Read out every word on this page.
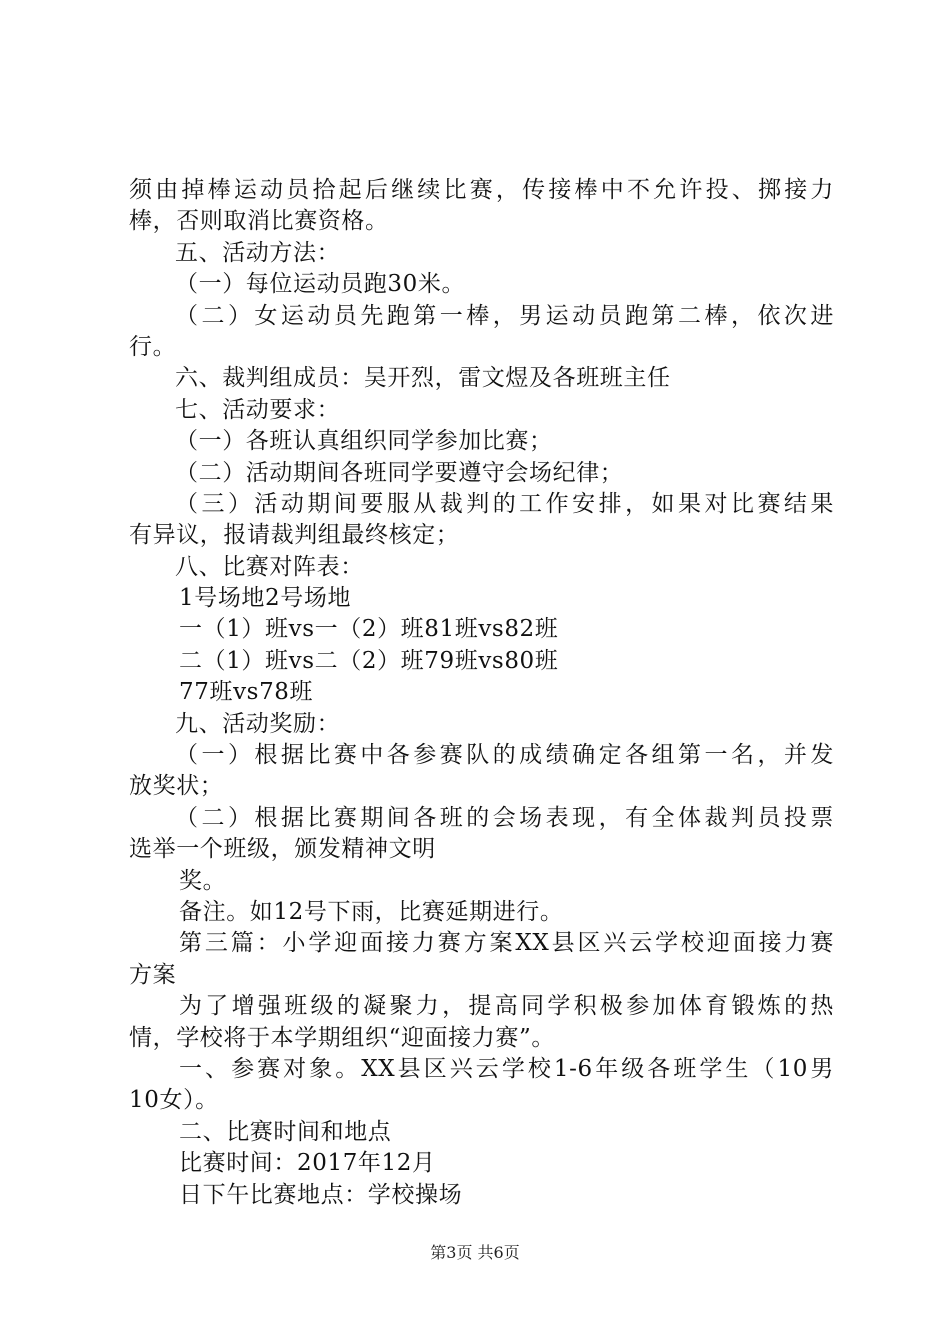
须由掉棒运动员拾起后继续比赛，传接棒中不允许投、掷接力
棒，否则取消比赛资格。
五、活动方法：
（一）每位运动员跑30米。
（二）女运动员先跑第一棒，男运动员跑第二棒，依次进
行。
六、裁判组成员：吴开烈，雷文煜及各班班主任
七、活动要求：
（一）各班认真组织同学参加比赛；
（二）活动期间各班同学要遵守会场纪律；
（三）活动期间要服从裁判的工作安排，如果对比赛结果
有异议，报请裁判组最终核定；
八、比赛对阵表：
1号场地2号场地
一（1）班vs一（2）班81班vs82班
二（1）班vs二（2）班79班vs80班
77班vs78班
九、活动奖励：
（一）根据比赛中各参赛队的成绩确定各组第一名，并发
放奖状；
（二）根据比赛期间各班的会场表现，有全体裁判员投票
选举一个班级，颁发精神文明
奖。
备注。如12号下雨，比赛延期进行。
第三篇：小学迎面接力赛方案XX县区兴云学校迎面接力赛
方案
为了增强班级的凝聚力，提高同学积极参加体育锻炼的热
情，学校将于本学期组织“迎面接力赛”。
一、参赛对象。XX县区兴云学校1-6年级各班学生（10男
10女）。
二、比赛时间和地点
比赛时间：2017年12月
日下午比赛地点：学校操场
第3页 共6页
